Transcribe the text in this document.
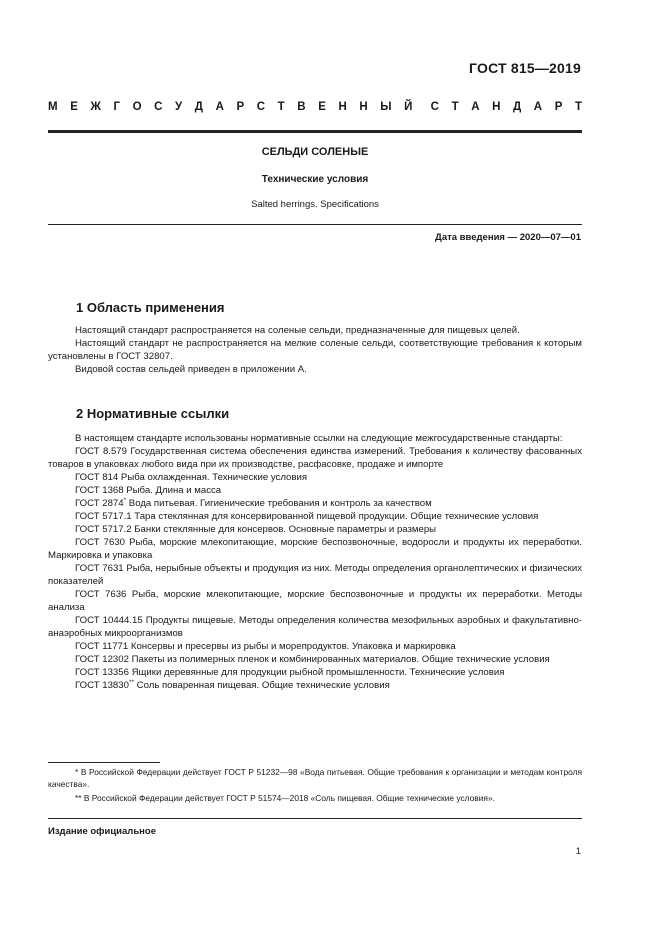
ГОСТ 815—2019
М Е Ж Г О С У Д А Р С Т В Е Н Н Ы Й С Т А Н Д А Р Т
СЕЛЬДИ СОЛЕНЫЕ
Технические условия
Salted herrings. Specifications
Дата введения — 2020—07—01
1 Область применения

Настоящий стандарт распространяется на соленые сельди, предназначенные для пищевых целей.

Настоящий стандарт не распространяется на мелкие соленые сельди, соответствующие требования к которым установлены в ГОСТ 32807.

Видовой состав сельдей приведен в приложении А.

2 Нормативные ссылки

В настоящем стандарте использованы нормативные ссылки на следующие межгосударственные стандарты:

ГОСТ 8.579 Государственная система обеспечения единства измерений. Требования к количеству фасованных товаров в упаковках любого вида при их производстве, расфасовке, продаже и импорте

ГОСТ 814 Рыба охлажденная. Технические условия

ГОСТ 1368 Рыба. Длина и масса

ГОСТ 2874* Вода питьевая. Гигиенические требования и контроль за качеством

ГОСТ 5717.1 Тара стеклянная для консервированной пищевой продукции. Общие технические условия

ГОСТ 5717.2 Банки стеклянные для консервов. Основные параметры и размеры

ГОСТ 7630 Рыба, морские млекопитающие, морские беспозвоночные, водоросли и продукты их переработки. Маркировка и упаковка

ГОСТ 7631 Рыба, нерыбные объекты и продукция из них. Методы определения органолептических и физических показателей

ГОСТ 7636 Рыба, морские млекопитающие, морские беспозвоночные и продукты их переработки. Методы анализа

ГОСТ 10444.15 Продукты пищевые. Методы определения количества мезофильных аэробных и факультативно-анаэробных микроорганизмов

ГОСТ 11771 Консервы и пресервы из рыбы и морепродуктов. Упаковка и маркировка

ГОСТ 12302 Пакеты из полимерных пленок и комбинированных материалов. Общие технические условия

ГОСТ 13356 Ящики деревянные для продукции рыбной промышленности. Технические условия

ГОСТ 13830** Соль поваренная пищевая. Общие технические условия

* В Российской Федерации действует ГОСТ Р 51232—98 «Вода питьевая. Общие требования к организации и методам контроля качества».

** В Российской Федерации действует ГОСТ Р 51574—2018 «Соль пищевая. Общие технические условия».

Издание официальное
1
